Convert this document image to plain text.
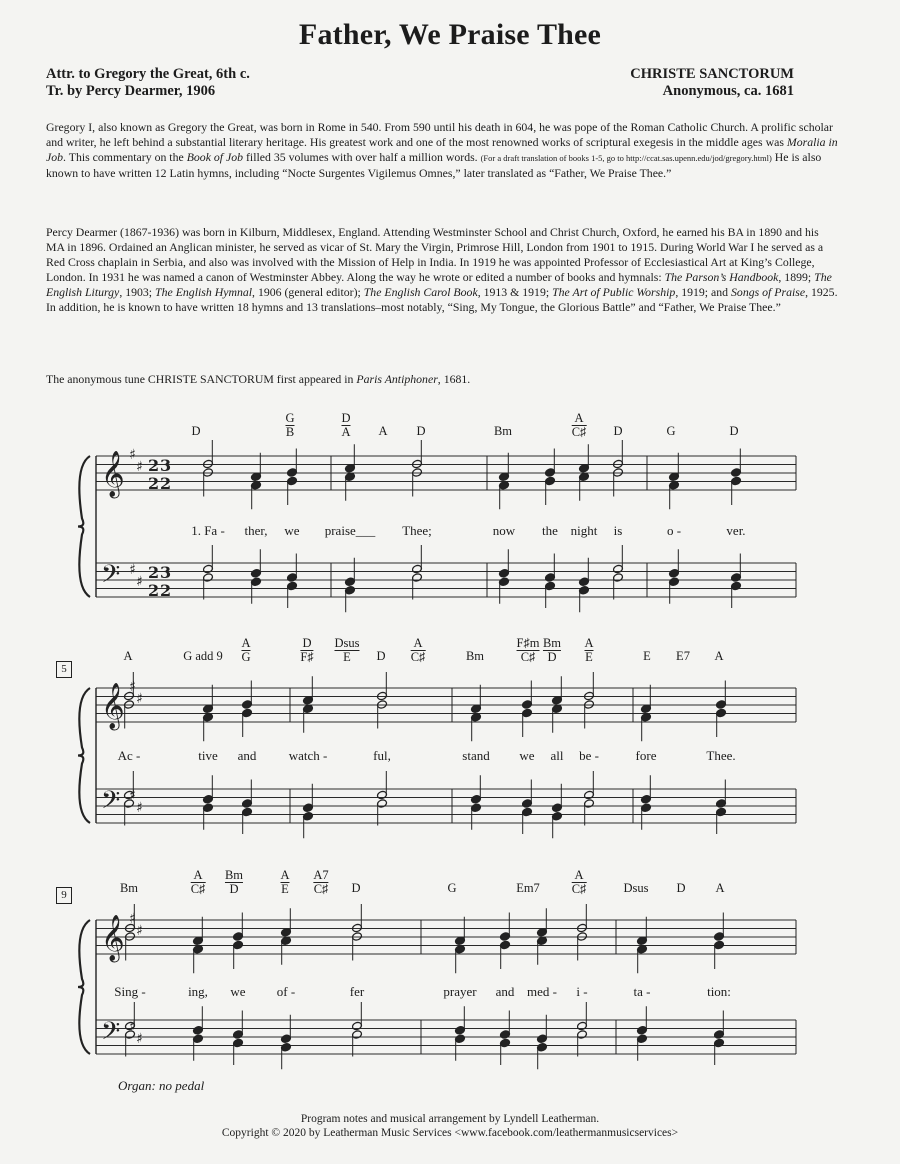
Father, We Praise Thee
Attr. to Gregory the Great, 6th c.
Tr. by Percy Dearmer, 1906
CHRISTE SANCTORUM
Anonymous, ca. 1681
Gregory I, also known as Gregory the Great, was born in Rome in 540. From 590 until his death in 604, he was pope of the Roman Catholic Church. A prolific scholar and writer, he left behind a substantial literary heritage. His greatest work and one of the most renowned works of scriptural exegesis in the middle ages was Moralia in Job. This commentary on the Book of Job filled 35 volumes with over half a million words. (For a draft translation of books 1-5, go to http://ccat.sas.upenn.edu/jod/gregory.html) He is also known to have written 12 Latin hymns, including “Nocte Surgentes Vigilemus Omnes,” later translated as “Father, We Praise Thee.”
Percy Dearmer (1867-1936) was born in Kilburn, Middlesex, England. Attending Westminster School and Christ Church, Oxford, he earned his BA in 1890 and his MA in 1896. Ordained an Anglican minister, he served as vicar of St. Mary the Virgin, Primrose Hill, London from 1901 to 1915. During World War I he served as a Red Cross chaplain in Serbia, and also was involved with the Mission of Help in India. In 1919 he was appointed Professor of Ecclesiastical Art at King’s College, London. In 1931 he was named a canon of Westminster Abbey. Along the way he wrote or edited a number of books and hymnals: The Parson’s Handbook, 1899; The English Liturgy, 1903; The English Hymnal, 1906 (general editor); The English Carol Book, 1913 & 1919; The Art of Public Worship, 1919; and Songs of Praise, 1925. In addition, he is known to have written 18 hymns and 13 translations–most notably, “Sing, My Tongue, the Glorious Battle” and “Father, We Praise Thee.”
The anonymous tune CHRISTE SANCTORUM first appeared in Paris Antiphoner, 1681.
𝄞
𝄢
♯
♯
♯
♯
2
2
3
2
2
2
3
2
𝄞
𝄢
♯
♯
♯
♯
𝄞
𝄢
♯
♯
♯
♯
D
G
B
D
A A D	Bm
A
C♯ D	G	D
A	G add 9
A
G
D
F♯
Dsus
E	D
A
C♯	Bm
F♯m
C♯
Bm
D
A
E	E E7 A
Bm
A
C♯
Bm
D
A
E
A7
C♯ D	G	Em7
A
C♯	Dsus D A
1. Fa - ther, we praise___ Thee;	now the night is	o -	ver.
Ac -	tive and watch -	ful,	stand we all be -	fore	Thee.
Sing -	ing, we of -	fer	prayer and med - i -	ta -	tion:
5
9
Organ: no pedal
Program notes and musical arrangement by Lyndell Leatherman.
Copyright © 2020 by Leatherman Music Services <www.facebook.com/leathermanmusicservices>
